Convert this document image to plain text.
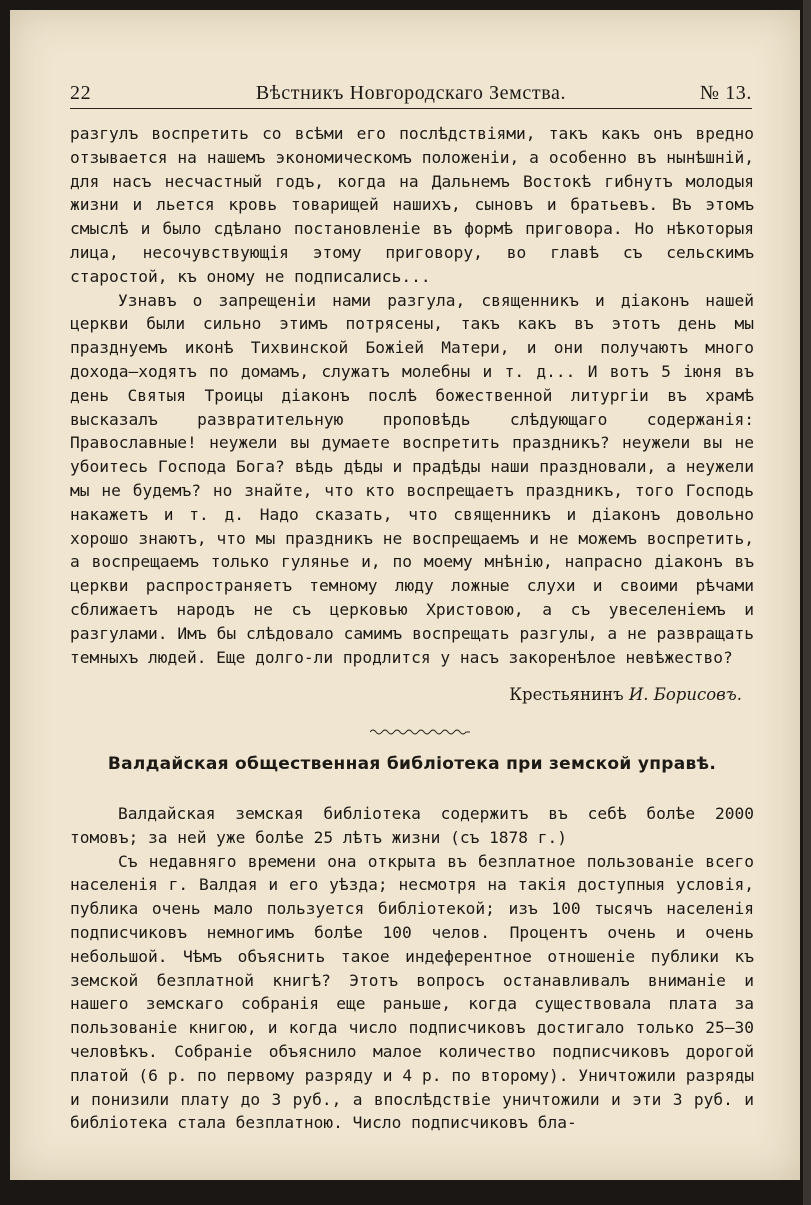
22	Вѣстникъ Новгородскаго Земства.	№ 13.

разгулъ воспретить со всѣми его послѣдствіями, такъ какъ онъ вредно отзывается на нашемъ экономическомъ положеніи, а особенно въ нынѣшній, для насъ несчастный годъ, когда на Дальнемъ Востокѣ гибнутъ молодыя жизни и льется кровь товарищей нашихъ, сыновъ и братьевъ. Въ этомъ смыслѣ и было сдѣлано постановленіе въ формѣ приговора. Но нѣкоторыя лица, несочувствующія этому приговору, во главѣ съ сельскимъ старостой, къ оному не подписались...

Узнавъ о запрещеніи нами разгула, священникъ и діаконъ нашей церкви были сильно этимъ потрясены, такъ какъ въ этотъ день мы празднуемъ иконѣ Тихвинской Божіей Матери, и они получаютъ много дохода—ходятъ по домамъ, служатъ молебны и т. д... И вотъ 5 іюня въ день Святыя Троицы діаконъ послѣ божественной литургіи въ храмѣ высказалъ развратительную проповѣдь слѣдующаго содержанія: Православные! неужели вы думаете воспретить праздникъ? неужели вы не убоитесь Господа Бога? вѣдь дѣды и прадѣды наши праздновали, а неужели мы не будемъ? но знайте, что кто воспрещаетъ праздникъ, того Господь накажетъ и т. д. Надо сказать, что священникъ и діаконъ довольно хорошо знаютъ, что мы праздникъ не воспрещаемъ и не можемъ воспретить, а воспрещаемъ только гулянье и, по моему мнѣнію, напрасно діаконъ въ церкви распространяетъ темному люду ложные слухи и своими рѣчами сближаетъ народъ не съ церковью Христовою, а съ увеселеніемъ и разгулами. Имъ бы слѣдовало самимъ воспрещать разгулы, а не развращать темныхъ людей. Еще долго-ли продлится у насъ закоренѣлое невѣжество?

Крестьянинъ И. Борисовъ.
Валдайская общественная библіотека при земской управѣ.

Валдайская земская библіотека содержитъ въ себѣ болѣе 2000 томовъ; за ней уже болѣе 25 лѣтъ жизни (съ 1878 г.)

Съ недавняго времени она открыта въ безплатное пользованіе всего населенія г. Валдая и его уѣзда; несмотря на такія доступныя условія, публика очень мало пользуется библіотекой; изъ 100 тысячъ населенія подписчиковъ немногимъ болѣе 100 челов. Процентъ очень и очень небольшой. Чѣмъ объяснить такое индеферентное отношеніе публики къ земской безплатной книгѣ? Этотъ вопросъ останавливалъ вниманіе и нашего земскаго собранія еще раньше, когда существовала плата за пользованіе книгою, и когда число подписчиковъ достигало только 25—30 человѣкъ. Собраніе объяснило малое количество подписчиковъ дорогой платой (6 р. по первому разряду и 4 р. по второму). Уничтожили разряды и понизили плату до 3 руб., а впослѣдствіе уничтожили и эти 3 руб. и библіотека стала безплатною. Число подписчиковъ бла-
